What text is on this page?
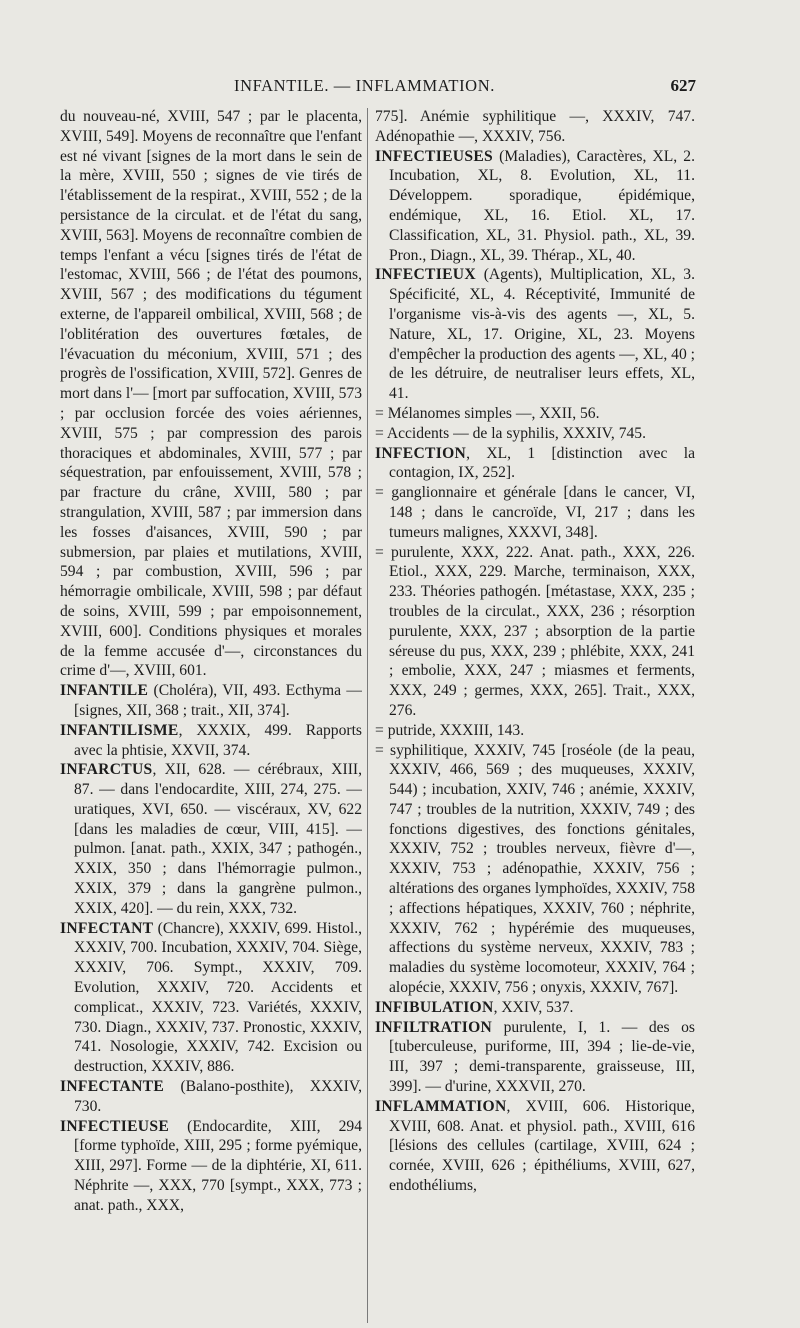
INFANTILE. — INFLAMMATION.	627

du nouveau-né, XVIII, 547 ; par le placenta, XVIII, 549]. Moyens de reconnaître que l'enfant est né vivant [signes de la mort dans le sein de la mère, XVIII, 550 ; signes de vie tirés de l'établissement de la respirat., XVIII, 552 ; de la persistance de la circulat. et de l'état du sang, XVIII, 563]. Moyens de reconnaître combien de temps l'enfant a vécu [signes tirés de l'état de l'estomac, XVIII, 566 ; de l'état des poumons, XVIII, 567 ; des modifications du tégument externe, de l'appareil ombilical, XVIII, 568 ; de l'oblitération des ouvertures fœtales, de l'évacuation du méconium, XVIII, 571 ; des progrès de l'ossification, XVIII, 572]. Genres de mort dans l'— [mort par suffocation, XVIII, 573 ; par occlusion forcée des voies aériennes, XVIII, 575 ; par compression des parois thoraciques et abdominales, XVIII, 577 ; par séquestration, par enfouissement, XVIII, 578 ; par fracture du crâne, XVIII, 580 ; par strangulation, XVIII, 587 ; par immersion dans les fosses d'aisances, XVIII, 590 ; par submersion, par plaies et mutilations, XVIII, 594 ; par combustion, XVIII, 596 ; par hémorragie ombilicale, XVIII, 598 ; par défaut de soins, XVIII, 599 ; par empoisonnement, XVIII, 600]. Conditions physiques et morales de la femme accusée d'—, circonstances du crime d'—, XVIII, 601.

INFANTILE (Choléra), VII, 493. Ecthyma — [signes, XII, 368 ; trait., XII, 374].

INFANTILISME, XXXIX, 499. Rapports avec la phtisie, XXVII, 374.

INFARCTUS, XII, 628. — cérébraux, XIII, 87. — dans l'endocardite, XIII, 274, 275. — uratiques, XVI, 650. — viscéraux, XV, 622 [dans les maladies de cœur, VIII, 415]. — pulmon. [anat. path., XXIX, 347 ; pathogén., XXIX, 350 ; dans l'hémorragie pulmon., XXIX, 379 ; dans la gangrène pulmon., XXIX, 420]. — du rein, XXX, 732.

INFECTANT (Chancre), XXXIV, 699. Histol., XXXIV, 700. Incubation, XXXIV, 704. Siège, XXXIV, 706. Sympt., XXXIV, 709. Evolution, XXXIV, 720. Accidents et complicat., XXXIV, 723. Variétés, XXXIV, 730. Diagn., XXXIV, 737. Pronostic, XXXIV, 741. Nosologie, XXXIV, 742. Excision ou destruction, XXXIV, 886.

INFECTANTE (Balano-posthite), XXXIV, 730.

INFECTIEUSE (Endocardite, XIII, 294 [forme typhoïde, XIII, 295 ; forme pyémique, XIII, 297]. Forme — de la diphtérie, XI, 611. Néphrite —, XXX, 770 [sympt., XXX, 773 ; anat. path., XXX,

775]. Anémie syphilitique —, XXXIV, 747. Adénopathie —, XXXIV, 756.

INFECTIEUSES (Maladies), Caractères, XL, 2. Incubation, XL, 8. Evolution, XL, 11. Développem. sporadique, épidémique, endémique, XL, 16. Etiol. XL, 17. Classification, XL, 31. Physiol. path., XL, 39. Pron., Diagn., XL, 39. Thérap., XL, 40.

INFECTIEUX (Agents), Multiplication, XL, 3. Spécificité, XL, 4. Réceptivité, Immunité de l'organisme vis-à-vis des agents —, XL, 5. Nature, XL, 17. Origine, XL, 23. Moyens d'empêcher la production des agents —, XL, 40 ; de les détruire, de neutraliser leurs effets, XL, 41.

= Mélanomes simples —, XXII, 56.

= Accidents — de la syphilis, XXXIV, 745.

INFECTION, XL, 1 [distinction avec la contagion, IX, 252].

= ganglionnaire et générale [dans le cancer, VI, 148 ; dans le cancroïde, VI, 217 ; dans les tumeurs malignes, XXXVI, 348].

= purulente, XXX, 222. Anat. path., XXX, 226. Etiol., XXX, 229. Marche, terminaison, XXX, 233. Théories pathogén. [métastase, XXX, 235 ; troubles de la circulat., XXX, 236 ; résorption purulente, XXX, 237 ; absorption de la partie séreuse du pus, XXX, 239 ; phlébite, XXX, 241 ; embolie, XXX, 247 ; miasmes et ferments, XXX, 249 ; germes, XXX, 265]. Trait., XXX, 276.

= putride, XXXIII, 143.

= syphilitique, XXXIV, 745 [roséole (de la peau, XXXIV, 466, 569 ; des muqueuses, XXXIV, 544) ; incubation, XXIV, 746 ; anémie, XXXIV, 747 ; troubles de la nutrition, XXXIV, 749 ; des fonctions digestives, des fonctions génitales, XXXIV, 752 ; troubles nerveux, fièvre d'—, XXXIV, 753 ; adénopathie, XXXIV, 756 ; altérations des organes lymphoïdes, XXXIV, 758 ; affections hépatiques, XXXIV, 760 ; néphrite, XXXIV, 762 ; hypérémie des muqueuses, affections du système nerveux, XXXIV, 783 ; maladies du système locomoteur, XXXIV, 764 ; alopécie, XXXIV, 756 ; onyxis, XXXIV, 767].

INFIBULATION, XXIV, 537.

INFILTRATION purulente, I, 1. — des os [tuberculeuse, puriforme, III, 394 ; lie-de-vie, III, 397 ; demi-transparente, graisseuse, III, 399]. — d'urine, XXXVII, 270.

INFLAMMATION, XVIII, 606. Historique, XVIII, 608. Anat. et physiol. path., XVIII, 616 [lésions des cellules (cartilage, XVIII, 624 ; cornée, XVIII, 626 ; épithéliums, XVIII, 627, endothéliums,
